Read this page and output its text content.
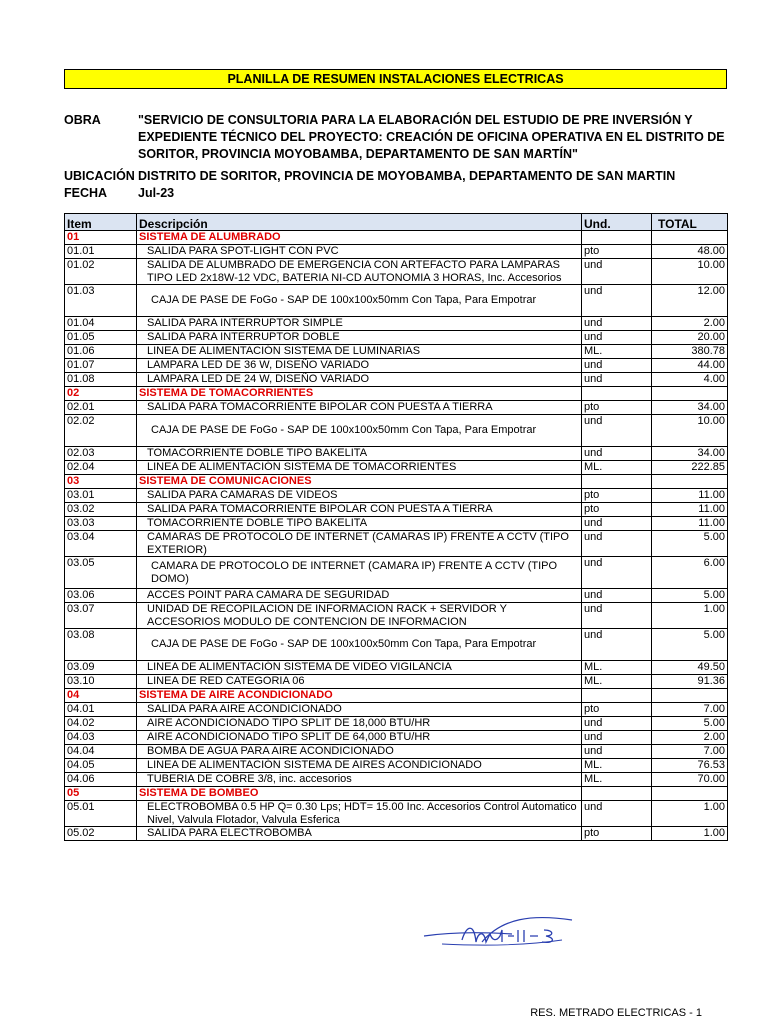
PLANILLA DE RESUMEN INSTALACIONES ELECTRICAS
OBRA	"SERVICIO DE CONSULTORIA PARA LA ELABORACIÓN DEL ESTUDIO DE PRE INVERSIÓN Y EXPEDIENTE TÉCNICO DEL PROYECTO: CREACIÓN DE OFICINA OPERATIVA EN EL DISTRITO DE SORITOR, PROVINCIA MOYOBAMBA, DEPARTAMENTO DE SAN MARTÍN"
UBICACIÓN DISTRITO DE SORITOR, PROVINCIA DE MOYOBAMBA, DEPARTAMENTO DE SAN MARTIN
FECHA Jul-23
Item	Descripción	Und.	TOTAL
01	SISTEMA DE ALUMBRADO		
01.01	SALIDA PARA SPOT-LIGHT CON PVC	pto	48.00
01.02	SALIDA DE ALUMBRADO DE EMERGENCIA CON ARTEFACTO PARA LAMPARAS TIPO LED 2x18W-12 VDC, BATERIA NI-CD AUTONOMIA 3 HORAS, Inc. Accesorios	und	10.00
01.03	CAJA DE PASE DE FoGo - SAP DE 100x100x50mm Con Tapa, Para Empotrar	und	12.00
01.04	SALIDA PARA INTERRUPTOR SIMPLE	und	2.00
01.05	SALIDA PARA INTERRUPTOR DOBLE	und	20.00
01.06	LINEA DE ALIMENTACIÓN SISTEMA DE LUMINARIAS	ML.	380.78
01.07	LAMPARA LED DE 36 W, DISEÑO VARIADO	und	44.00
01.08	LAMPARA LED DE 24 W, DISEÑO VARIADO	und	4.00
02	SISTEMA DE TOMACORRIENTES		
02.01	SALIDA PARA TOMACORRIENTE BIPOLAR CON PUESTA A TIERRA	pto	34.00
02.02	CAJA DE PASE DE FoGo - SAP DE 100x100x50mm Con Tapa, Para Empotrar	und	10.00
02.03	TOMACORRIENTE DOBLE TIPO BAKELITA	und	34.00
02.04	LINEA DE ALIMENTACIÓN SISTEMA DE TOMACORRIENTES	ML.	222.85
03	SISTEMA DE COMUNICACIONES		
03.01	SALIDA PARA CAMARAS DE VIDEOS	pto	11.00
03.02	SALIDA PARA TOMACORRIENTE BIPOLAR CON PUESTA A TIERRA	pto	11.00
03.03	TOMACORRIENTE DOBLE TIPO BAKELITA	und	11.00
03.04	CAMARAS DE PROTOCOLO DE INTERNET (CAMARAS IP) FRENTE A CCTV (TIPO EXTERIOR)	und	5.00
03.05	CAMARA DE PROTOCOLO DE INTERNET (CAMARA IP) FRENTE A CCTV (TIPO DOMO)	und	6.00
03.06	ACCES POINT PARA CAMARA DE SEGURIDAD	und	5.00
03.07	UNIDAD DE RECOPILACION DE INFORMACION RACK + SERVIDOR Y ACCESORIOS MODULO DE CONTENCION DE INFORMACION	und	1.00
03.08	CAJA DE PASE DE FoGo - SAP DE 100x100x50mm Con Tapa, Para Empotrar	und	5.00
03.09	LINEA DE ALIMENTACIÓN SISTEMA DE VIDEO VIGILANCIA	ML.	49.50
03.10	LINEA DE RED CATEGORIA 06	ML.	91.36
04	SISTEMA DE AIRE ACONDICIONADO		
04.01	SALIDA PARA AIRE ACONDICIONADO	pto	7.00
04.02	AIRE ACONDICIONADO TIPO SPLIT DE 18,000 BTU/HR	und	5.00
04.03	AIRE ACONDICIONADO TIPO SPLIT DE 64,000 BTU/HR	und	2.00
04.04	BOMBA DE AGUA PARA AIRE ACONDICIONADO	und	7.00
04.05	LINEA DE ALIMENTACIÓN SISTEMA DE AIRES ACONDICIONADO	ML.	76.53
04.06	TUBERIA DE COBRE 3/8, inc. accesorios	ML.	70.00
05	SISTEMA DE BOMBEO		
05.01	ELECTROBOMBA 0.5 HP Q= 0.30 Lps; HDT= 15.00 Inc. Accesorios Control Automatico Nivel, Valvula Flotador, Valvula Esferica	und	1.00
05.02	SALIDA PARA ELECTROBOMBA	pto	1.00
RES. METRADO ELECTRICAS - 1
